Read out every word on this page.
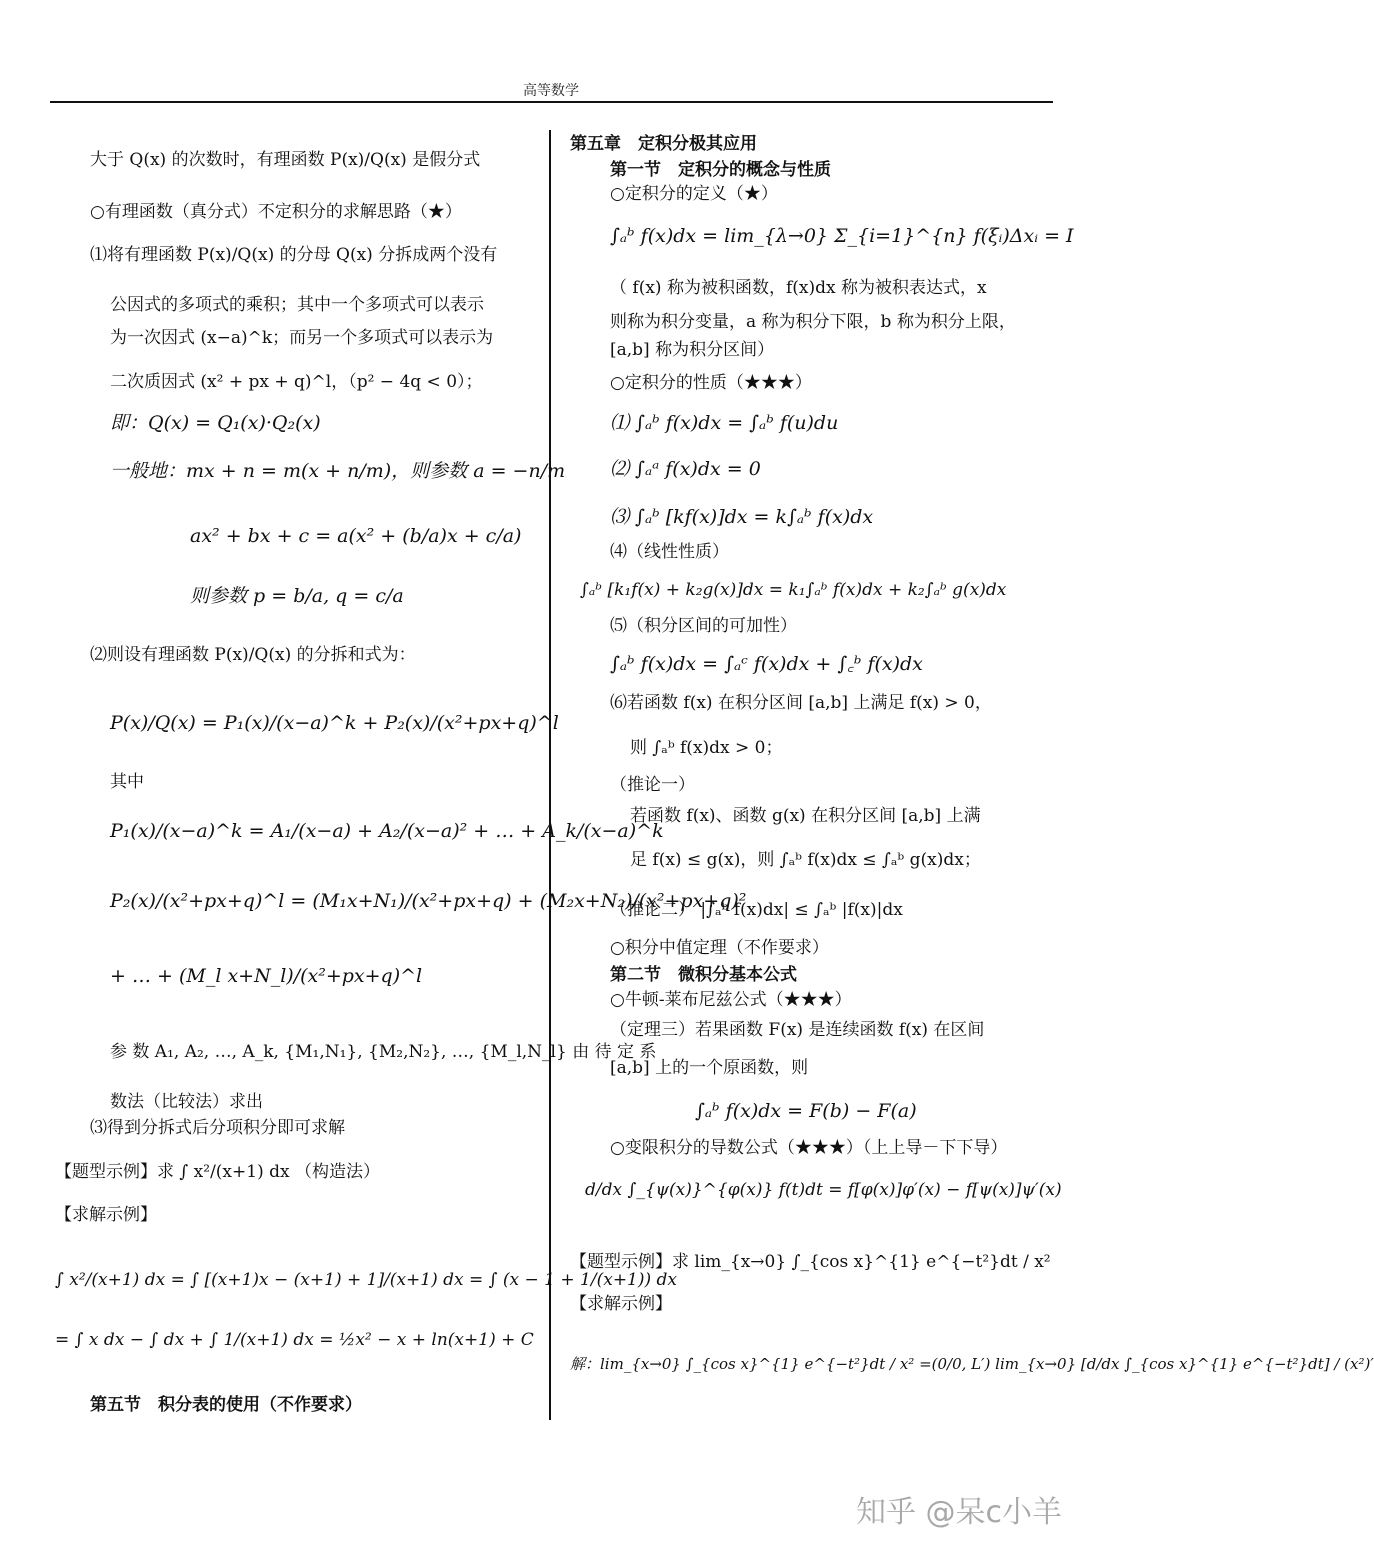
高等数学
大于 Q(x) 的次数时，有理函数 P(x)/Q(x) 是假分式
○有理函数（真分式）不定积分的求解思路（★）
⑴将有理函数 P(x)/Q(x) 的分母 Q(x) 分拆成两个没有
公因式的多项式的乘积；其中一个多项式可以表示
为一次因式 (x−a)^k；而另一个多项式可以表示为
二次质因式 (x² + px + q)^l，（p² − 4q < 0）；
即：Q(x) = Q₁(x)·Q₂(x)
一般地：mx + n = m(x + n/m)，则参数 a = −n/m
ax² + bx + c = a(x² + (b/a)x + c/a)
则参数 p = b/a, q = c/a
⑵则设有理函数 P(x)/Q(x) 的分拆和式为：
P(x)/Q(x) = P₁(x)/(x−a)^k + P₂(x)/(x²+px+q)^l
其中
P₁(x)/(x−a)^k = A₁/(x−a) + A₂/(x−a)² + … + A_k/(x−a)^k
P₂(x)/(x²+px+q)^l = (M₁x+N₁)/(x²+px+q) + (M₂x+N₂)/(x²+px+q)²
+ … + (M_l x+N_l)/(x²+px+q)^l
参 数 A₁, A₂, …, A_k, {M₁,N₁}, {M₂,N₂}, …, {M_l,N_l} 由 待 定 系
数法（比较法）求出
⑶得到分拆式后分项积分即可求解
【题型示例】求 ∫ x²/(x+1) dx （构造法）
【求解示例】
∫ x²/(x+1) dx = ∫ [(x+1)x − (x+1) + 1]/(x+1) dx = ∫ (x − 1 + 1/(x+1)) dx
= ∫ x dx − ∫ dx + ∫ 1/(x+1) dx = ½x² − x + ln(x+1) + C
第五节　积分表的使用（不作要求）
第五章　定积分极其应用
第一节　定积分的概念与性质
○定积分的定义（★）
∫ₐᵇ f(x)dx = lim_{λ→0} Σ_{i=1}^{n} f(ξᵢ)Δxᵢ = I
（ f(x) 称为被积函数，f(x)dx 称为被积表达式，x
则称为积分变量，a 称为积分下限，b 称为积分上限，
[a,b] 称为积分区间）
○定积分的性质（★★★）
⑴ ∫ₐᵇ f(x)dx = ∫ₐᵇ f(u)du
⑵ ∫ₐᵃ f(x)dx = 0
⑶ ∫ₐᵇ [kf(x)]dx = k∫ₐᵇ f(x)dx
⑷（线性性质）
∫ₐᵇ [k₁f(x) + k₂g(x)]dx = k₁∫ₐᵇ f(x)dx + k₂∫ₐᵇ g(x)dx
⑸（积分区间的可加性）
∫ₐᵇ f(x)dx = ∫ₐᶜ f(x)dx + ∫꜀ᵇ f(x)dx
⑹若函数 f(x) 在积分区间 [a,b] 上满足 f(x) > 0，
则 ∫ₐᵇ f(x)dx > 0；
（推论一）
若函数 f(x)、函数 g(x) 在积分区间 [a,b] 上满
足 f(x) ≤ g(x)，则 ∫ₐᵇ f(x)dx ≤ ∫ₐᵇ g(x)dx；
（推论二） |∫ₐᵇ f(x)dx| ≤ ∫ₐᵇ |f(x)|dx
○积分中值定理（不作要求）
第二节　微积分基本公式
○牛顿-莱布尼兹公式（★★★）
（定理三）若果函数 F(x) 是连续函数 f(x) 在区间
[a,b] 上的一个原函数，则
∫ₐᵇ f(x)dx = F(b) − F(a)
○变限积分的导数公式（★★★）（上上导－下下导）
d/dx ∫_{ψ(x)}^{φ(x)} f(t)dt = f[φ(x)]φ′(x) − f[ψ(x)]ψ′(x)
【题型示例】求 lim_{x→0} ∫_{cos x}^{1} e^{−t²}dt / x²
【求解示例】
解：lim_{x→0} ∫_{cos x}^{1} e^{−t²}dt / x² =(0/0, L′) lim_{x→0} [d/dx ∫_{cos x}^{1} e^{−t²}dt] / (x²)′
知乎 @呆c小羊
